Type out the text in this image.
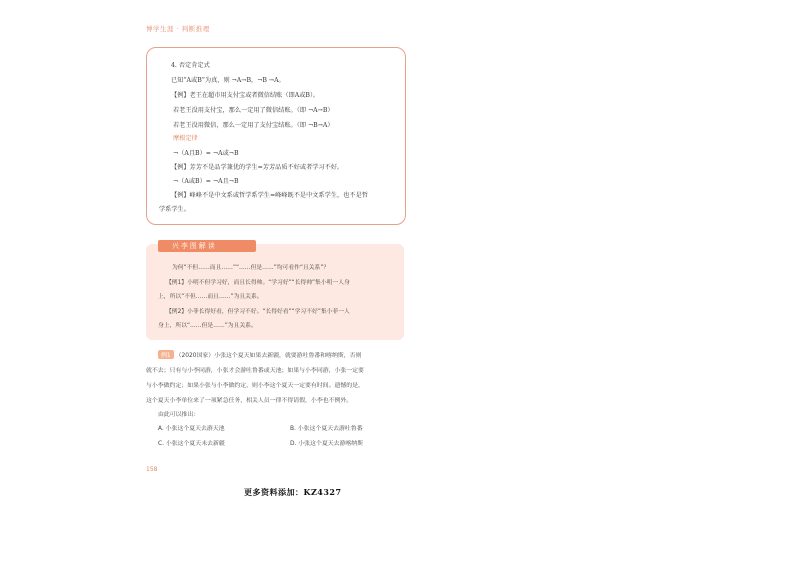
博学生涯 · 判断推理
4. 否定肯定式
已知“A或B”为真，则 ¬A→B，¬B →A。
【例】老王在超市用支付宝或者微信结账（即A或B）。
若老王没用支付宝，那么一定用了微信结账。（即 ¬A→B）
若老王没用微信，那么一定用了支付宝结账。（即 ¬B→A）
摩根定律
¬（A且B）= ¬A或¬B
【例】芳芳不是品学兼优的学生=芳芳品质不好或者学习不好。
¬（A或B）= ¬A且¬B
【例】峰峰不是中文系或哲学系学生=峰峰既不是中文系学生，也不是哲
学系学生。
为何“不但……而且……”“……但是……”均可看作“且关系”？
【例1】小明不但学习好，而且长得帅。“学习好”“长得帅”集小明一人身
上，所以“不但……而且……”为且关系。
【例2】小菲长得好看，但学习不好。“长得好看”“学习不好”集小菲一人
身上，所以“……但是……”为且关系。
兴 李 图 解 读
例1 （2020国家）小张这个夏天如果去新疆，就要游吐鲁番和喀纳斯，否则
就不去；只有与小李同游，小张才会游吐鲁番或天池；如果与小李同游，小张一定要
与小李做约定；如果小张与小李做约定，则小李这个夏天一定要有时间。遗憾的是，
这个夏天小李单位来了一项紧急任务，相关人员一律不得请假，小李也不例外。
由此可以推出：
A. 小张这个夏天去游天池	B. 小张这个夏天去游吐鲁番
C. 小张这个夏天未去新疆	D. 小张这个夏天去游喀纳斯
158
更多资料添加：KZ4327
